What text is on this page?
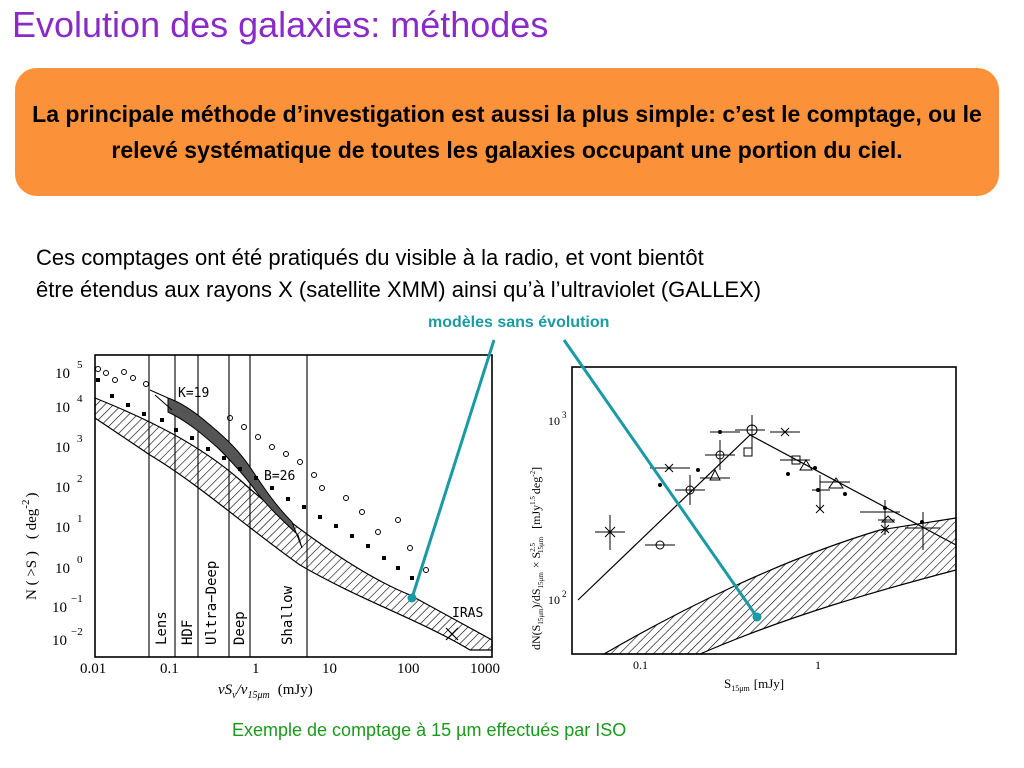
Evolution des galaxies: méthodes

La principale méthode d’investigation est aussi la plus simple: c’est le comptage, ou le relevé systématique de toutes les galaxies occupant une portion du ciel.

Ces comptages ont été pratiqués du visible à la radio, et vont bientôt
être étendus aux rayons X (satellite XMM) ainsi qu’à l’ultraviolet (GALLEX)

modèles sans évolution
10
5
10
4
10
3
10
2
10
1
10
0
10
−1
10
−2
N ( >S )( deg$^{-2}$)
0.01	0.1	1	10	100	1000
$\nu S_\nu/\nu_{15\mu m}$ (mJy)
Lens HDF Ultra−Deep Deep Shallow
K=19
B=26
IRAS
10 3
10 2
$dN(S_{15\mu m})/dS_{15\mu m}\times S^{2.5}15\mu m[mJy^{1.5}deg^{-2}]$
0.1	1
$S_{15\mu m}$ [mJy]
Exemple de comptage à 15 µm effectués par ISO
